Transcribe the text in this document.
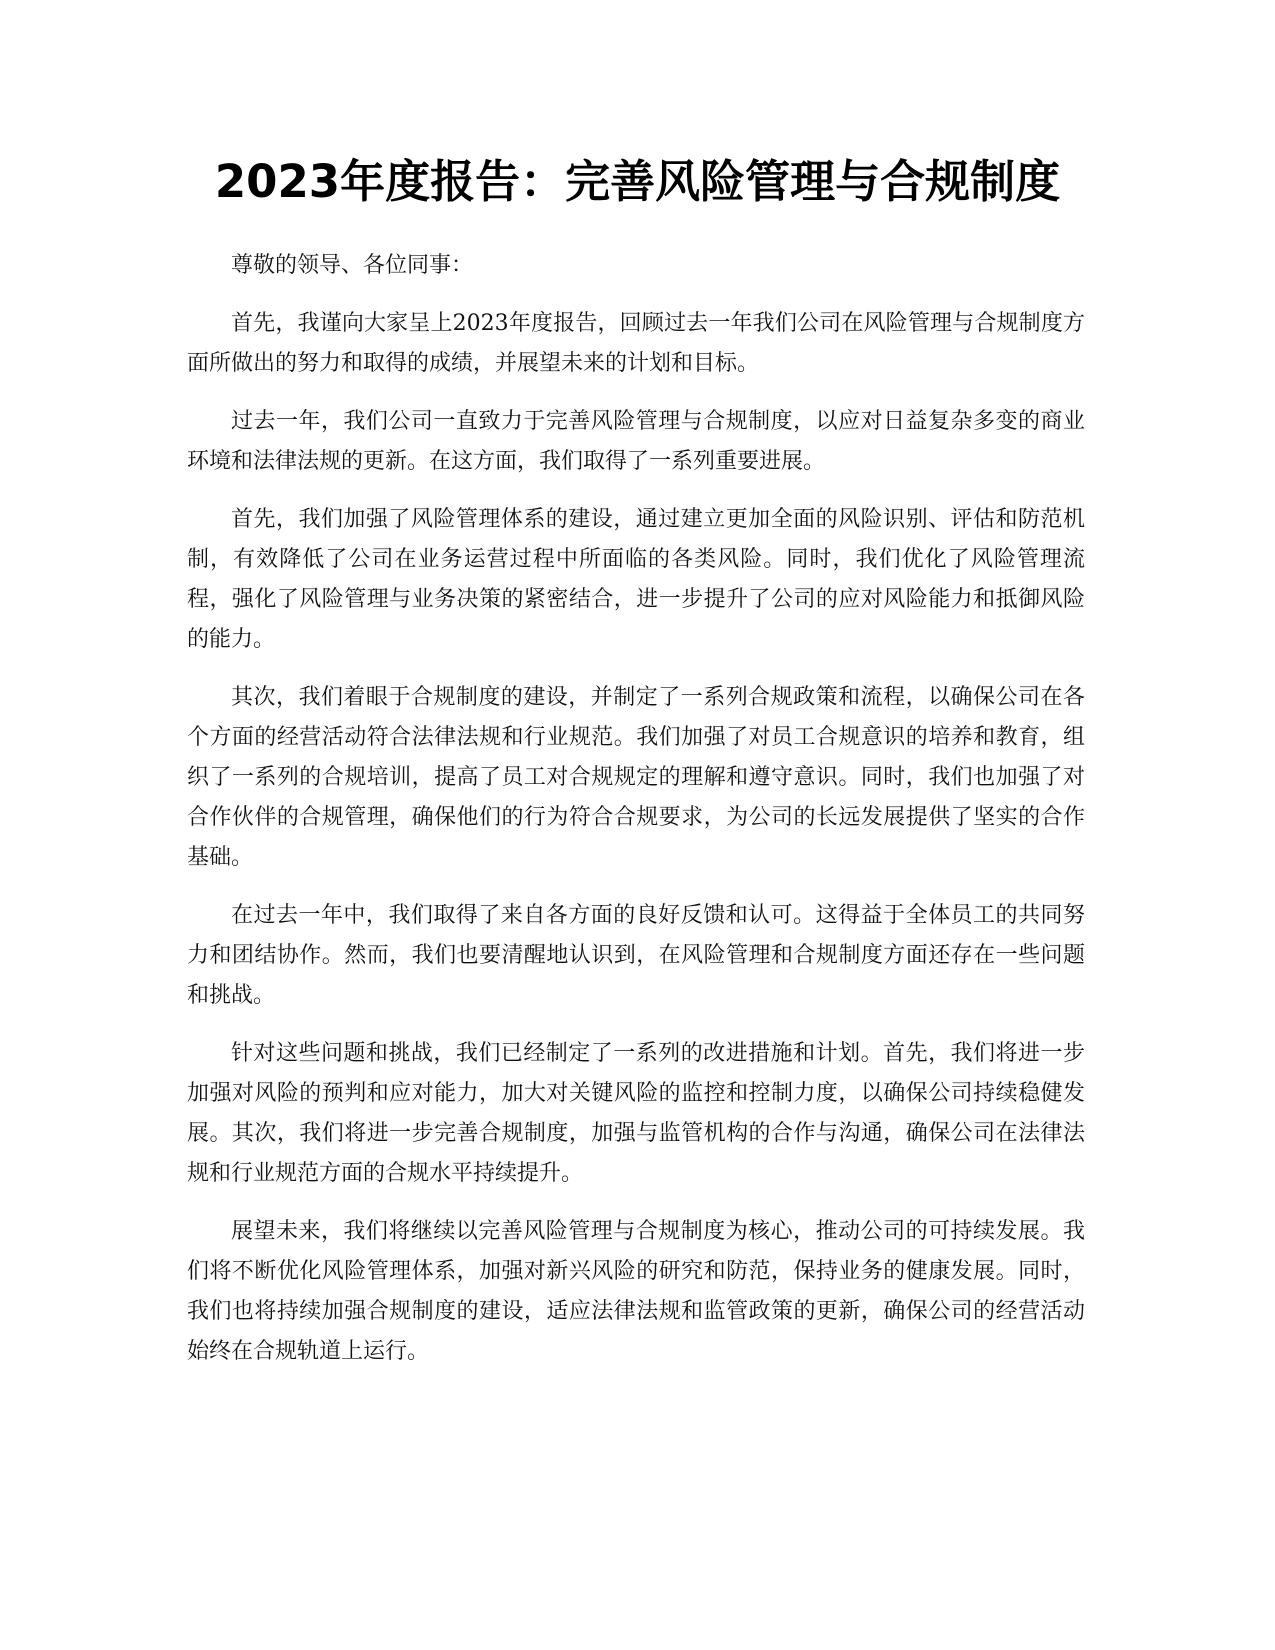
2023年度报告：完善风险管理与合规制度

尊敬的领导、各位同事：

首先，我谨向大家呈上2023年度报告，回顾过去一年我们公司在风险管理与合规制度方面所做出的努力和取得的成绩，并展望未来的计划和目标。

过去一年，我们公司一直致力于完善风险管理与合规制度，以应对日益复杂多变的商业环境和法律法规的更新。在这方面，我们取得了一系列重要进展。

首先，我们加强了风险管理体系的建设，通过建立更加全面的风险识别、评估和防范机制，有效降低了公司在业务运营过程中所面临的各类风险。同时，我们优化了风险管理流程，强化了风险管理与业务决策的紧密结合，进一步提升了公司的应对风险能力和抵御风险的能力。

其次，我们着眼于合规制度的建设，并制定了一系列合规政策和流程，以确保公司在各个方面的经营活动符合法律法规和行业规范。我们加强了对员工合规意识的培养和教育，组织了一系列的合规培训，提高了员工对合规规定的理解和遵守意识。同时，我们也加强了对合作伙伴的合规管理，确保他们的行为符合合规要求，为公司的长远发展提供了坚实的合作基础。

在过去一年中，我们取得了来自各方面的良好反馈和认可。这得益于全体员工的共同努力和团结协作。然而，我们也要清醒地认识到，在风险管理和合规制度方面还存在一些问题和挑战。

针对这些问题和挑战，我们已经制定了一系列的改进措施和计划。首先，我们将进一步加强对风险的预判和应对能力，加大对关键风险的监控和控制力度，以确保公司持续稳健发展。其次，我们将进一步完善合规制度，加强与监管机构的合作与沟通，确保公司在法律法规和行业规范方面的合规水平持续提升。

展望未来，我们将继续以完善风险管理与合规制度为核心，推动公司的可持续发展。我们将不断优化风险管理体系，加强对新兴风险的研究和防范，保持业务的健康发展。同时，我们也将持续加强合规制度的建设，适应法律法规和监管政策的更新，确保公司的经营活动始终在合规轨道上运行。
